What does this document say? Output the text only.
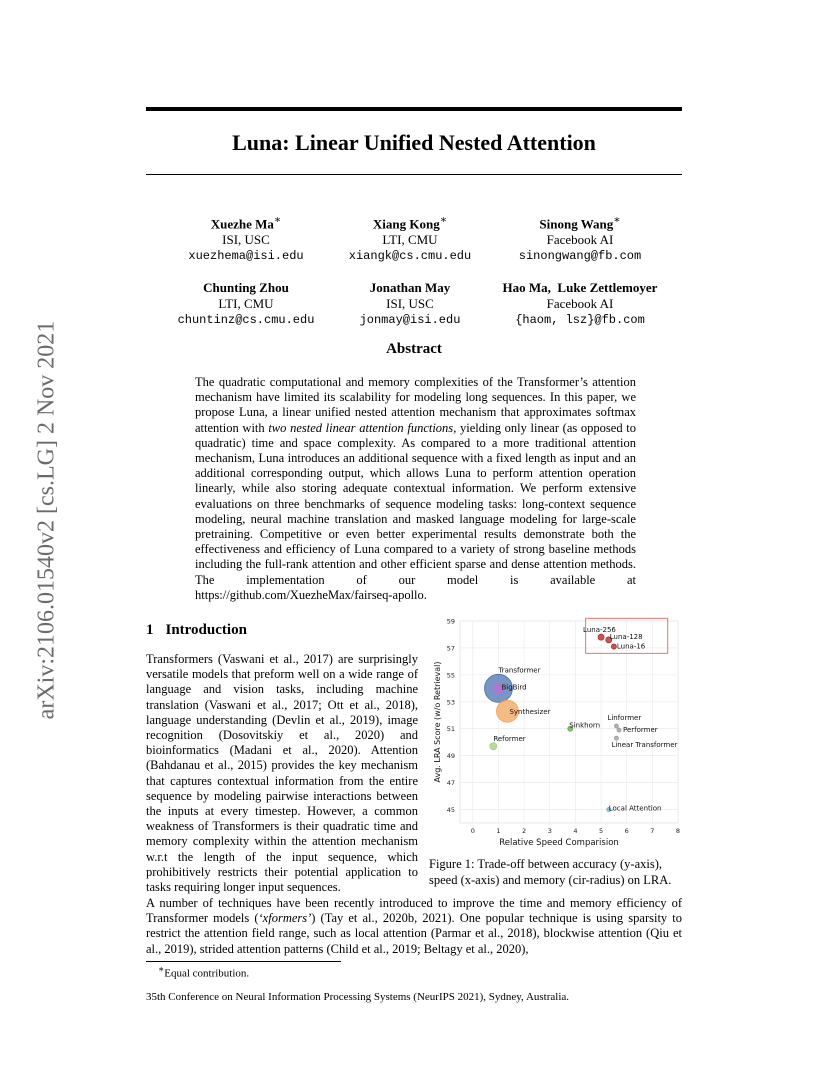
arXiv:2106.01540v2 [cs.LG] 2 Nov 2021
Luna: Linear Unified Nested Attention
Xuezhe Ma∗
ISI, USC
xuezhema@isi.edu
Xiang Kong∗
LTI, CMU
xiangk@cs.cmu.edu
Sinong Wang∗
Facebook AI
sinongwang@fb.com
Chunting Zhou
LTI, CMU
chuntinz@cs.cmu.edu
Jonathan May
ISI, USC
jonmay@isi.edu
Hao Ma,  Luke Zettlemoyer
Facebook AI
{haom, lsz}@fb.com
Abstract
The quadratic computational and memory complexities of the Transformer’s attention mechanism have limited its scalability for modeling long sequences. In this paper, we propose Luna, a linear unified nested attention mechanism that approximates softmax attention with two nested linear attention functions, yielding only linear (as opposed to quadratic) time and space complexity. As compared to a more traditional attention mechanism, Luna introduces an additional sequence with a fixed length as input and an additional corresponding output, which allows Luna to perform attention operation linearly, while also storing adequate contextual information. We perform extensive evaluations on three benchmarks of sequence modeling tasks: long-context sequence modeling, neural machine translation and masked language modeling for large-scale pretraining. Competitive or even better experimental results demonstrate both the effectiveness and efficiency of Luna compared to a variety of strong baseline methods including the full-rank attention and other efficient sparse and dense attention methods. The implementation of our model is available at https://github.com/XuezheMax/fairseq-apollo.
1 Introduction
Transformers (Vaswani et al., 2017) are surprisingly versatile models that preform well on a wide range of language and vision tasks, including machine translation (Vaswani et al., 2017; Ott et al., 2018), language understanding (Devlin et al., 2019), image recognition (Dosovitskiy et al., 2020) and bioinformatics (Madani et al., 2020). Attention (Bahdanau et al., 2015) provides the key mechanism that captures contextual information from the entire sequence by modeling pairwise interactions between the inputs at every timestep. However, a common weakness of Transformers is their quadratic time and memory complexity within the attention mechanism w.r.t the length of the input sequence, which prohibitively restricts their potential application to tasks requiring longer input sequences.
0	1	2	3	4	5	6	7	8
45
47
49
51
53
55
57
59
Relative Speed Comparision
Avg. LRA Score (w/o Retrieval)	Transformer
BigBird
Synthesizer
Reformer
Sinkhorn
Linformer
Performer
Linear Transformer
Local Attention
Luna-256
Luna-128
Luna-16
Figure 1: Trade-off between accuracy (y-axis), speed (x-axis) and memory (cir-radius) on LRA.
A number of techniques have been recently introduced to improve the time and memory efficiency of Transformer models (‘xformers’) (Tay et al., 2020b, 2021). One popular technique is using sparsity to restrict the attention field range, such as local attention (Parmar et al., 2018), blockwise attention (Qiu et al., 2019), strided attention patterns (Child et al., 2019; Beltagy et al., 2020),
∗Equal contribution.
35th Conference on Neural Information Processing Systems (NeurIPS 2021), Sydney, Australia.
